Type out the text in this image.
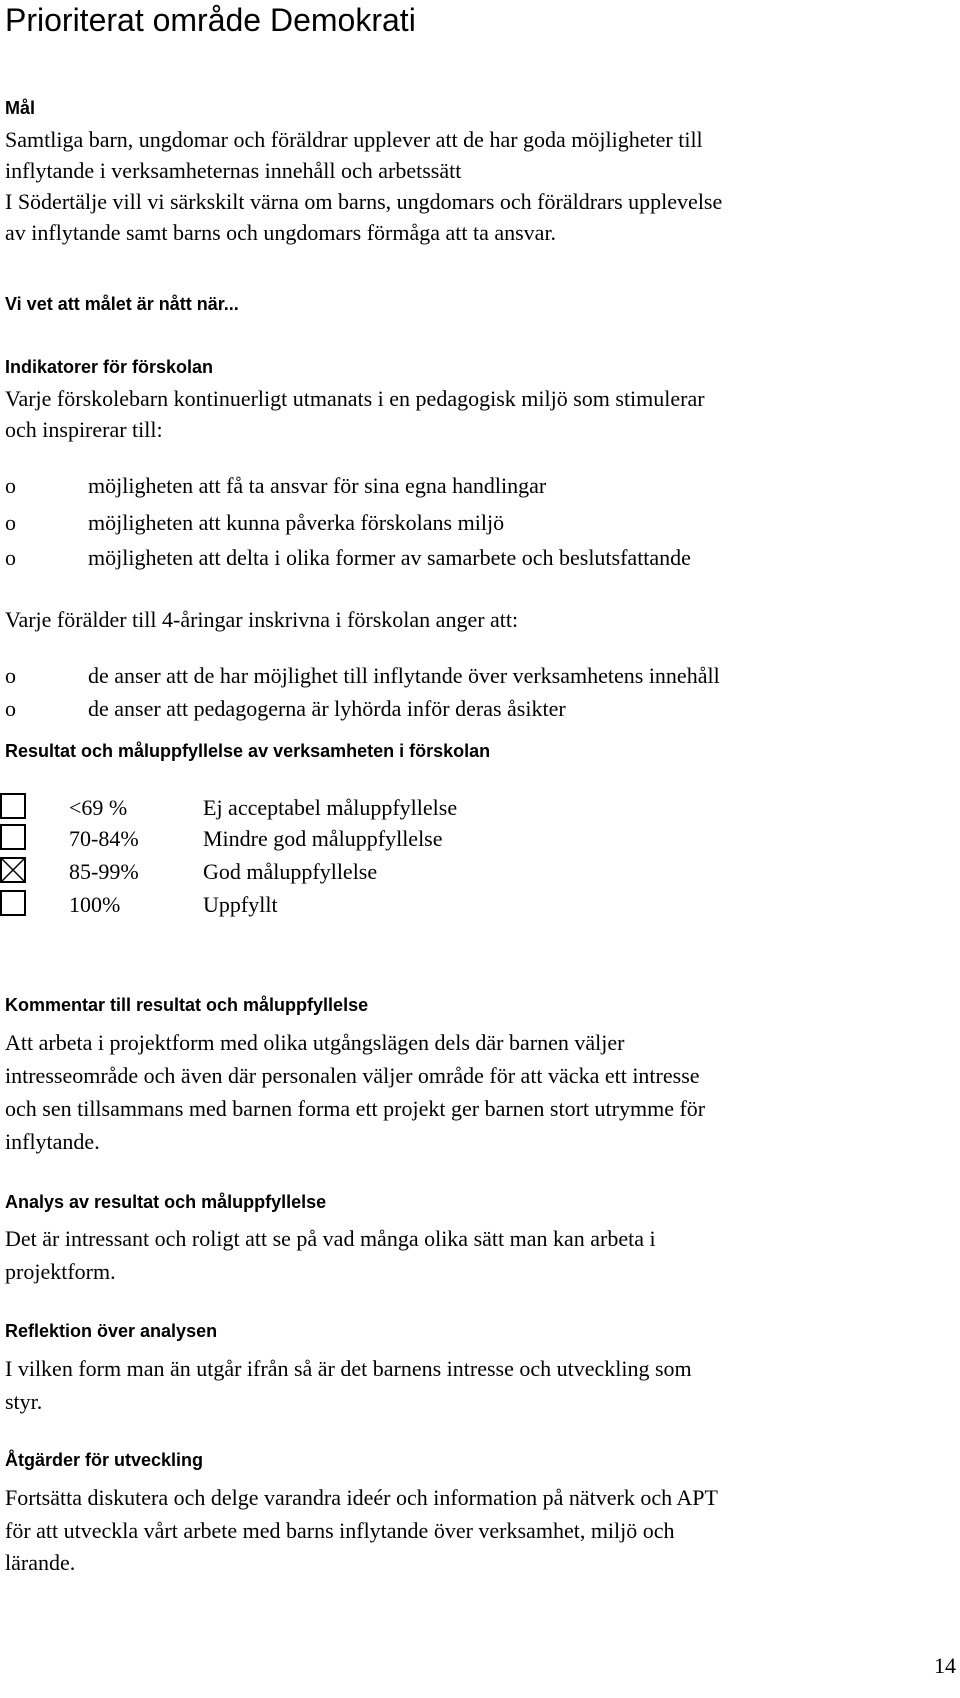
Prioriterat område Demokrati
Mål
Samtliga barn, ungdomar och föräldrar upplever att de har goda möjligheter till
inflytande i verksamheternas innehåll och arbetssätt
I Södertälje vill vi särkskilt värna om barns, ungdomars och föräldrars upplevelse
av inflytande samt barns och ungdomars förmåga att ta ansvar.
Vi vet att målet är nått när...
Indikatorer för förskolan
Varje förskolebarn kontinuerligt utmanats i en pedagogisk miljö som stimulerar
och inspirerar till:
o	möjligheten att få ta ansvar för sina egna handlingar
o	möjligheten att kunna påverka förskolans miljö
o	möjligheten att delta i olika former av samarbete och beslutsfattande
Varje förälder till 4-åringar inskrivna i förskolan anger att:
o	de anser att de har möjlighet till inflytande över verksamhetens innehåll
o	de anser att pedagogerna är lyhörda inför deras åsikter
Resultat och måluppfyllelse av verksamheten i förskolan
<69 %	Ej acceptabel måluppfyllelse
70-84%	Mindre god måluppfyllelse
85-99%	God måluppfyllelse
100%	Uppfyllt
Kommentar till resultat och måluppfyllelse
Att arbeta i projektform med olika utgångslägen dels där barnen väljer
intresseområde och även där personalen väljer område för att väcka ett intresse
och sen tillsammans med barnen forma ett projekt ger barnen stort utrymme för
inflytande.
Analys av resultat och måluppfyllelse
Det är intressant och roligt att se på vad många olika sätt man kan arbeta i
projektform.
Reflektion över analysen
I vilken form man än utgår ifrån så är det barnens intresse och utveckling som
styr.
Åtgärder för utveckling
Fortsätta diskutera och delge varandra ideér och information på nätverk och APT
för att utveckla vårt arbete med barns inflytande över verksamhet, miljö och
lärande.
14
